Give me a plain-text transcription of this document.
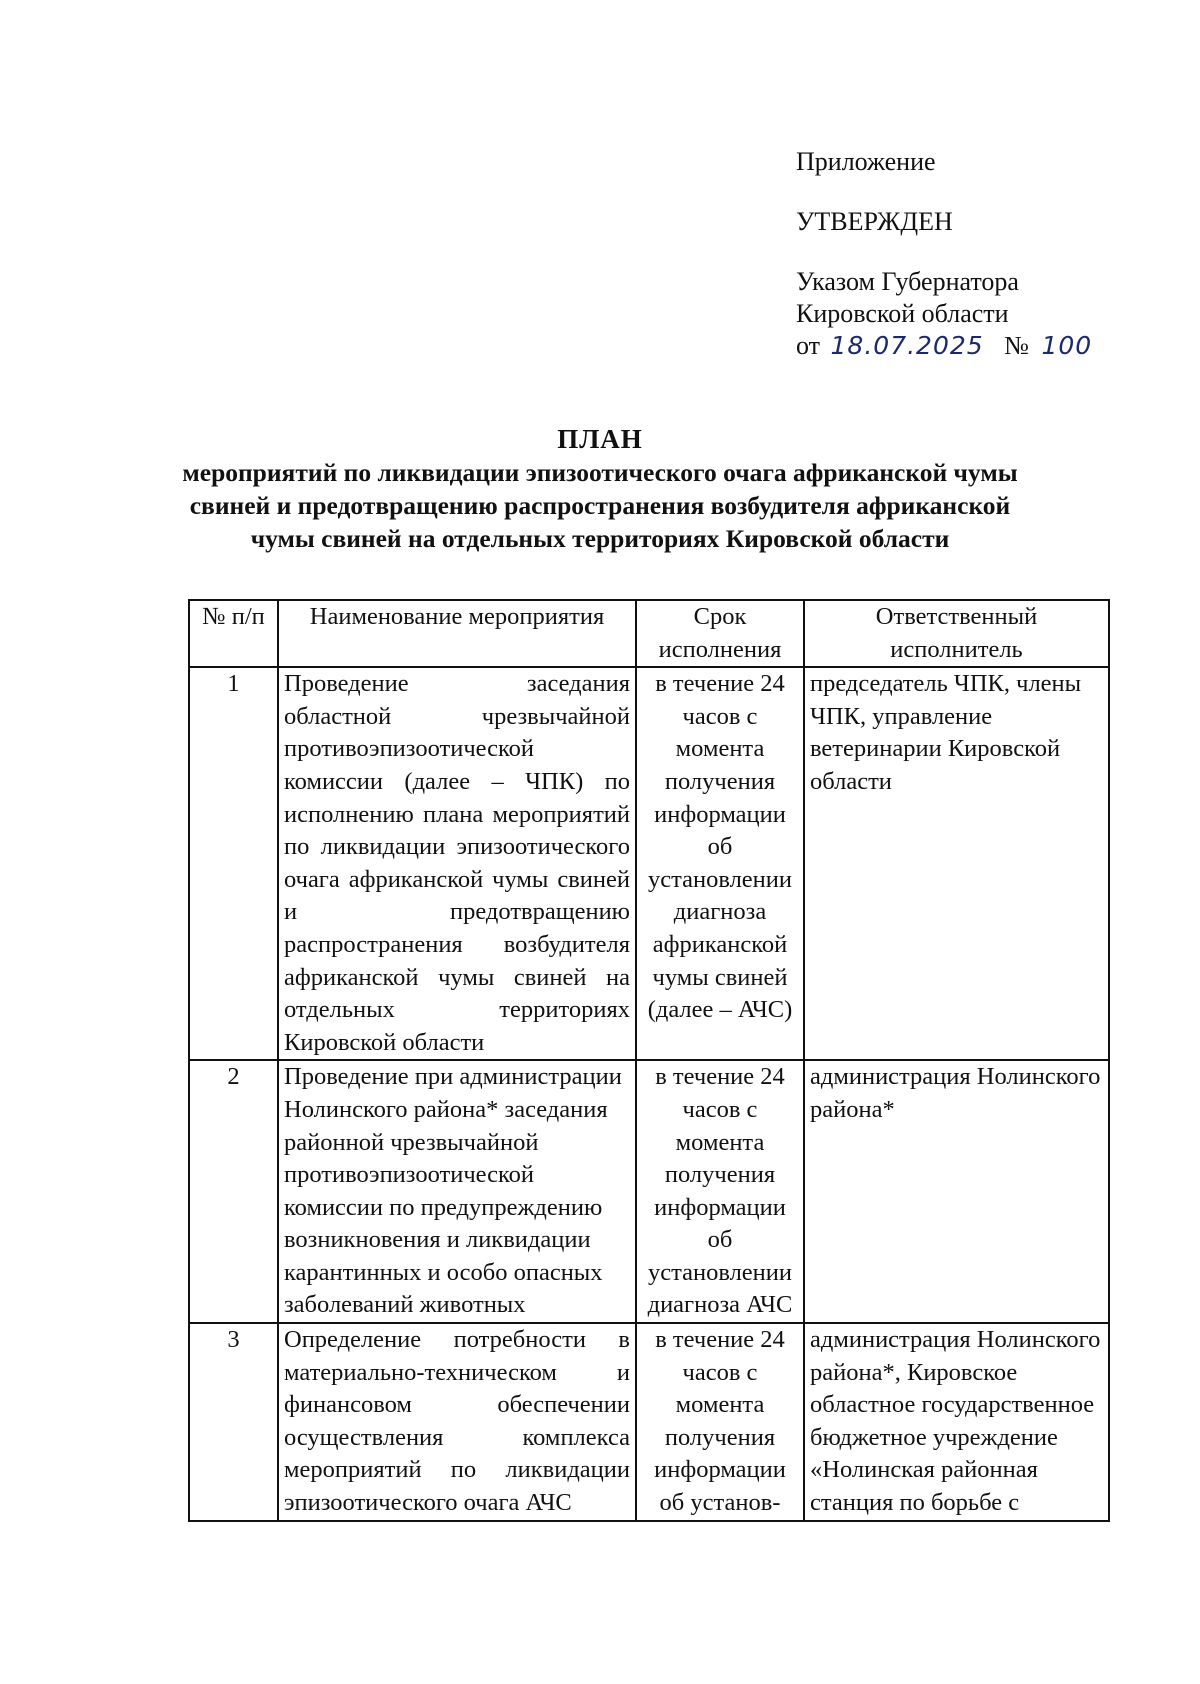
Приложение
УТВЕРЖДЕН
Указом Губернатора
Кировской области
от 18.07.2025 № 100
ПЛАН
мероприятий по ликвидации эпизоотического очага африканской чумы
свиней и предотвращению распространения возбудителя африканской
чумы свиней на отдельных территориях Кировской области
№ п/п	Наименование мероприятия	Срок исполнения	Ответственный исполнитель
1	Проведение заседания областной чрезвычайной противоэпизоотической комиссии (далее – ЧПК) по исполнению плана мероприятий по ликвидации эпизоотического очага африканской чумы свиней и предотвращению распространения возбудителя африканской чумы свиней на отдельных территориях Кировской области	в течение 24 часов с момента получения информации об установлении диагноза африканской чумы свиней (далее – АЧС)	председатель ЧПК, члены ЧПК, управление ветеринарии Кировской области
2	Проведение при администрации Нолинского района* заседания районной чрезвычайной противоэпизоотической комиссии по предупреждению возникновения и ликвидации карантинных и особо опасных заболеваний животных	в течение 24 часов с момента получения информации об установлении диагноза АЧС	администрация Нолинского района*
3	Определение потребности в материально-техническом и финансовом обеспечении осуществления комплекса мероприятий по ликвидации эпизоотического очага АЧС	в течение 24 часов с момента получения информации об установ-	администрация Нолинского района*, Кировское областное государственное бюджетное учреждение «Нолинская районная станция по борьбе с
